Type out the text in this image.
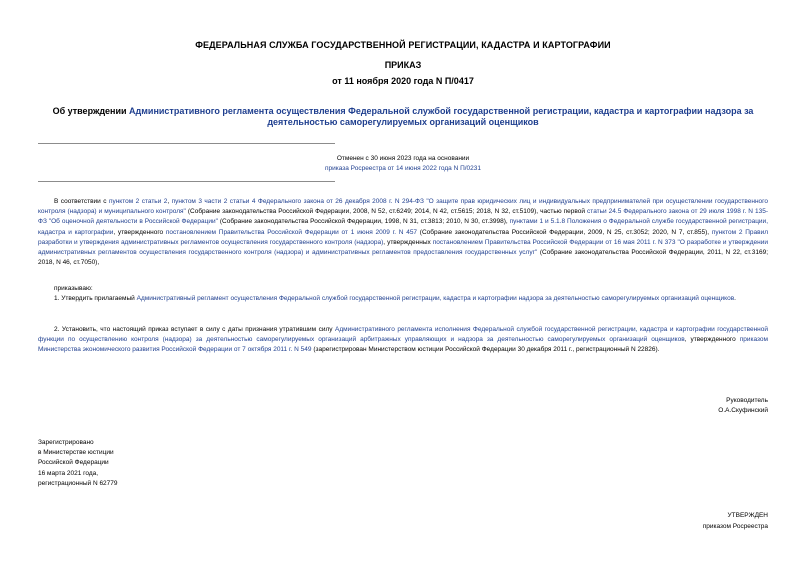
ФЕДЕРАЛЬНАЯ СЛУЖБА ГОСУДАРСТВЕННОЙ РЕГИСТРАЦИИ, КАДАСТРА И КАРТОГРАФИИ
ПРИКАЗ
от 11 ноября 2020 года N П/0417
Об утверждении Административного регламента осуществления Федеральной службой государственной регистрации, кадастра и картографии надзора за деятельностью саморегулируемых организаций оценщиков
Отменен с 30 июня 2023 года на основании
приказа Росреестра от 14 июня 2022 года N П/0231
В соответствии с пунктом 2 статьи 2, пунктом 3 части 2 статьи 4 Федерального закона от 26 декабря 2008 г. N 294-ФЗ "О защите прав юридических лиц и индивидуальных предпринимателей при осуществлении государственного контроля (надзора) и муниципального контроля" (Собрание законодательства Российской Федерации, 2008, N 52, ст.6249; 2014, N 42, ст.5615; 2018, N 32, ст.5109), частью первой статьи 24.5 Федерального закона от 29 июля 1998 г. N 135-ФЗ "Об оценочной деятельности в Российской Федерации" (Собрание законодательства Российской Федерации, 1998, N 31, ст.3813; 2010, N 30, ст.3998), пунктами 1 и 5.1.8 Положения о Федеральной службе государственной регистрации, кадастра и картографии, утвержденного постановлением Правительства Российской Федерации от 1 июня 2009 г. N 457 (Собрание законодательства Российской Федерации, 2009, N 25, ст.3052; 2020, N 7, ст.855), пунктом 2 Правил разработки и утверждения административных регламентов осуществления государственного контроля (надзора), утвержденных постановлением Правительства Российской Федерации от 16 мая 2011 г. N 373 "О разработке и утверждении административных регламентов осуществления государственного контроля (надзора) и административных регламентов предоставления государственных услуг" (Собрание законодательства Российской Федерации, 2011, N 22, ст.3169; 2018, N 46, ст.7050),
приказываю:
1. Утвердить прилагаемый Административный регламент осуществления Федеральной службой государственной регистрации, кадастра и картографии надзора за деятельностью саморегулируемых организаций оценщиков.
2. Установить, что настоящий приказ вступает в силу с даты признания утратившим силу Административного регламента исполнения Федеральной службой государственной регистрации, кадастра и картографии государственной функции по осуществлению контроля (надзора) за деятельностью саморегулируемых организаций арбитражных управляющих и надзора за деятельностью саморегулируемых организаций оценщиков, утвержденного приказом Министерства экономического развития Российской Федерации от 7 октября 2011 г. N 549 (зарегистрирован Министерством юстиции Российской Федерации 30 декабря 2011 г., регистрационный N 22826).
Руководитель
О.А.Скуфинский
Зарегистрировано
в Министерстве юстиции
Российской Федерации
16 марта 2021 года,
регистрационный N 62779
УТВЕРЖДЕН
приказом Росреестра
